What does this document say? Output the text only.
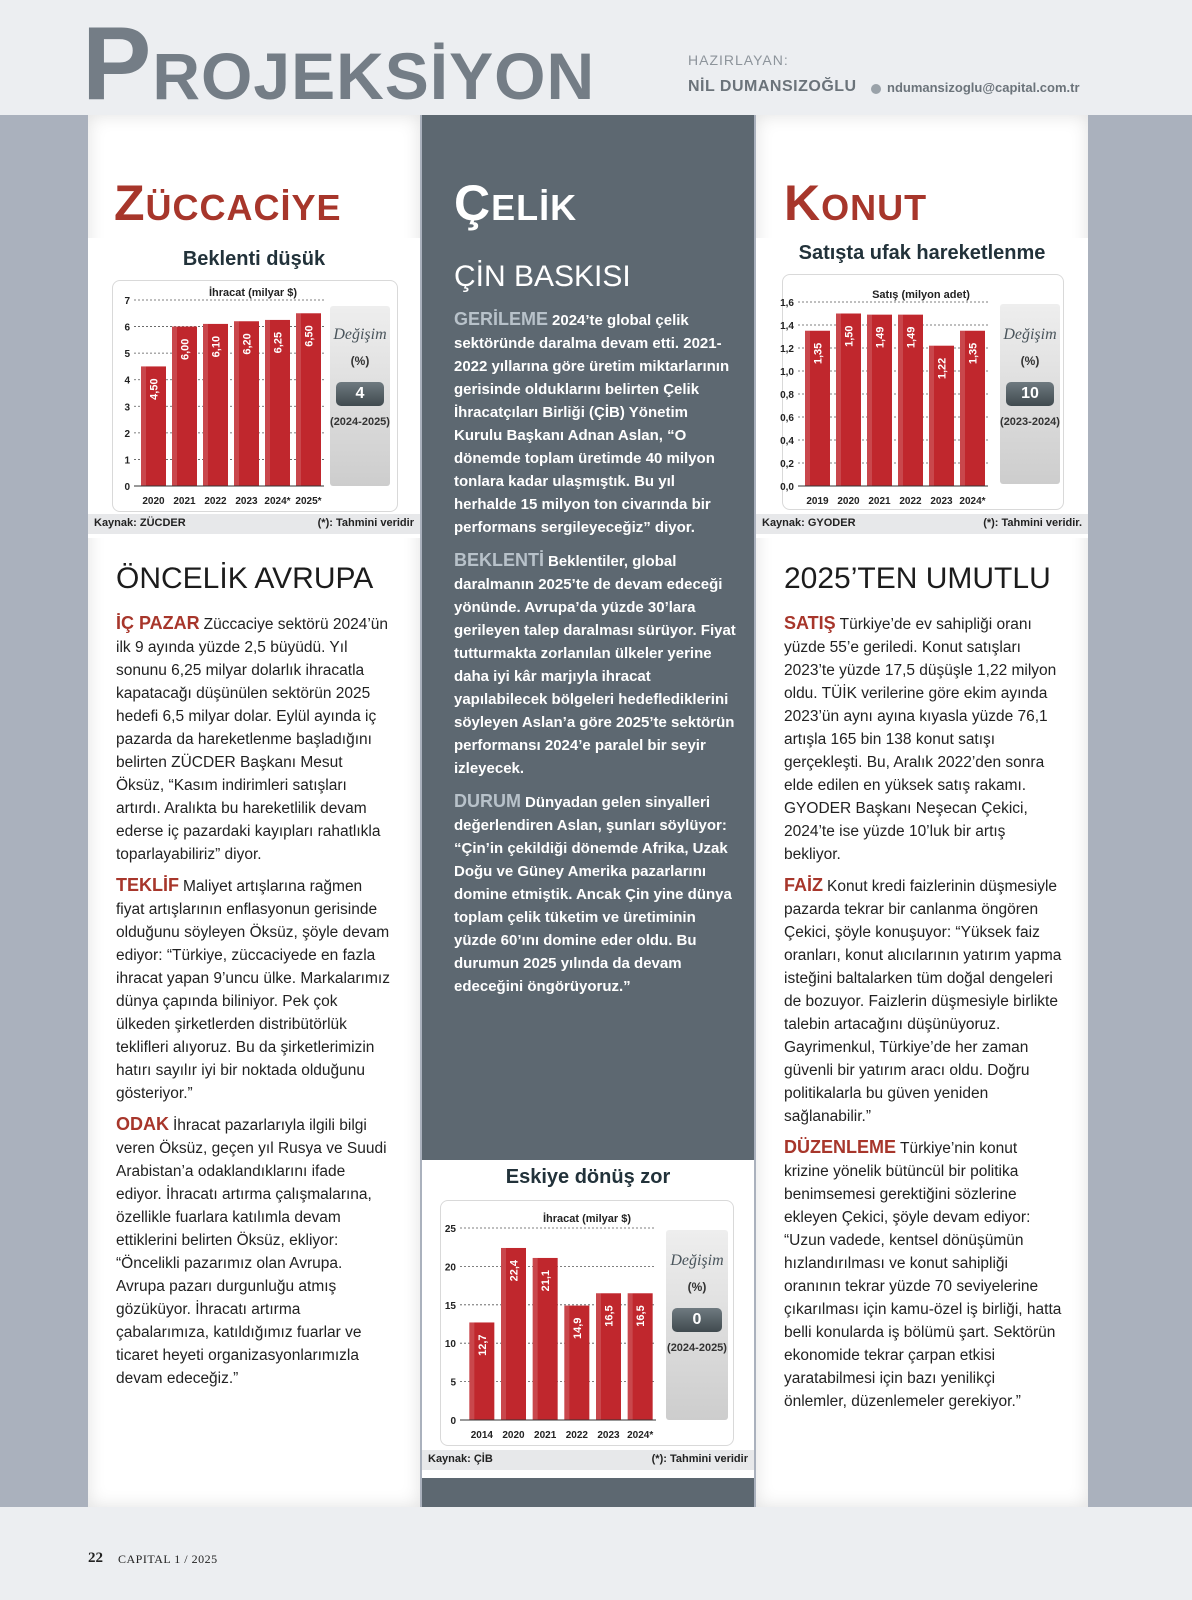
PROJEKSİYON	HAZIRLAYAN:
NİL DUMANSIZOĞLU ndumansizoglu@capital.com.tr
ZÜCCACİYE ÇELİK	KONUT
Beklenti düşük
İhracat (milyar $)
0
1
2
3
4
5
6
7
4,50
2020
6,00
2021
6,10
2022
6,20
2023
6,25
2024*
6,50
2025*
Değişim
(%)
4
(2024-2025)
Kaynak: ZÜCDER	(*): Tahmini veridir
Satışta ufak hareketlenme
Satış (milyon adet)
0,0
0,2
0,4
0,6
0,8
1,0
1,2
1,4
1,6
1,35
2019
1,50
2020
1,49
2021
1,49
2022
1,22
2023
1,35
2024*
Değişim
(%)
10
(2023-2024)
Kaynak: GYODER	(*): Tahmini veridir.
Eskiye dönüş zor
İhracat (milyar $)
0
5
10
15
20
25
12,7
2014
22,4
2020
21,1
2021
14,9
2022
16,5
2023
16,5
2024*
Değişim
(%)
0
(2024-2025)
Kaynak: ÇİB	(*): Tahmini veridir
ÖNCELİK AVRUPA

İÇ PAZAR Züccaciye sektörü 2024’ün ilk 9 ayında yüzde 2,5 büyüdü. Yıl sonunu 6,25 milyar dolarlık ihracatla kapatacağı düşünülen sektörün 2025 hedefi 6,5 milyar dolar. Eylül ayında iç pazarda da hareketlenme başladığını belirten ZÜCDER Başkanı Mesut Öksüz, “Kasım indirimleri satışları artırdı. Aralıkta bu hareketlilik devam ederse iç pazardaki kayıpları rahatlıkla toparlayabiliriz” diyor.

TEKLİF Maliyet artışlarına rağmen fiyat artışlarının enflasyonun gerisinde olduğunu söyleyen Öksüz, şöyle devam ediyor: “Türkiye, züccaciyede en fazla ihracat yapan 9’uncu ülke. Markalarımız dünya çapında biliniyor. Pek çok ülkeden şirketlerden distribütörlük teklifleri alıyoruz. Bu da şirketlerimizin hatırı sayılır iyi bir noktada olduğunu gösteriyor.”

ODAK İhracat pazarlarıyla ilgili bilgi veren Öksüz, geçen yıl Rusya ve Suudi Arabistan’a odaklandıklarını ifade ediyor. İhracatı artırma çalışmalarına, özellikle fuarlara katılımla devam ettiklerini belirten Öksüz, ekliyor: “Öncelikli pazarımız olan Avrupa. Avrupa pazarı durgunluğu atmış gözüküyor. İhracatı artırma çabalarımıza, katıldığımız fuarlar ve ticaret heyeti organizasyonlarımızla devam edeceğiz.”

ÇİN BASKISI

GERİLEME 2024’te global çelik sektöründe daralma devam etti. 2021-2022 yıllarına göre üretim miktarlarının gerisinde olduklarını belirten Çelik İhracatçıları Birliği (ÇİB) Yönetim Kurulu Başkanı Adnan Aslan, “O dönemde toplam üretimde 40 milyon tonlara kadar ulaşmıştık. Bu yıl herhalde 15 milyon ton civarında bir performans sergileyeceğiz” diyor.

BEKLENTİ Beklentiler, global daralmanın 2025’te de devam edeceği yönünde. Avrupa’da yüzde 30’lara gerileyen talep daralması sürüyor. Fiyat tutturmakta zorlanılan ülkeler yerine daha iyi kâr marjıyla ihracat yapılabilecek bölgeleri hedeflediklerini söyleyen Aslan’a göre 2025’te sektörün performansı 2024’e paralel bir seyir izleyecek.

DURUM Dünyadan gelen sinyalleri değerlendiren Aslan, şunları söylüyor: “Çin’in çekildiği dönemde Afrika, Uzak Doğu ve Güney Amerika pazarlarını domine etmiştik. Ancak Çin yine dünya toplam çelik tüketim ve üretiminin yüzde 60’ını domine eder oldu. Bu durumun 2025 yılında da devam edeceğini öngörüyoruz.”

2025’TEN UMUTLU

SATIŞ Türkiye’de ev sahipliği oranı yüzde 55’e geriledi. Konut satışları 2023’te yüzde 17,5 düşüşle 1,22 milyon oldu. TÜİK verilerine göre ekim ayında 2023’ün aynı ayına kıyasla yüzde 76,1 artışla 165 bin 138 konut satışı gerçekleşti. Bu, Aralık 2022’den sonra elde edilen en yüksek satış rakamı. GYODER Başkanı Neşecan Çekici, 2024’te ise yüzde 10’luk bir artış bekliyor.

FAİZ Konut kredi faizlerinin düşmesiyle pazarda tekrar bir canlanma öngören Çekici, şöyle konuşuyor: “Yüksek faiz oranları, konut alıcılarının yatırım yapma isteğini baltalarken tüm doğal dengeleri de bozuyor. Faizlerin düşmesiyle birlikte talebin artacağını düşünüyoruz. Gayrimenkul, Türkiye’de her zaman güvenli bir yatırım aracı oldu. Doğru politikalarla bu güven yeniden sağlanabilir.”

DÜZENLEME Türkiye’nin konut krizine yönelik bütüncül bir politika benimsemesi gerektiğini sözlerine ekleyen Çekici, şöyle devam ediyor: “Uzun vadede, kentsel dönüşümün hızlandırılması ve konut sahipliği oranının tekrar yüzde 70 seviyelerine çıkarılması için kamu-özel iş birliği, hatta belli konularda iş bölümü şart. Sektörün ekonomide tekrar çarpan etkisi yaratabilmesi için bazı yenilikçi önlemler, düzenlemeler gerekiyor.”

22 CAPITAL 1 / 2025
